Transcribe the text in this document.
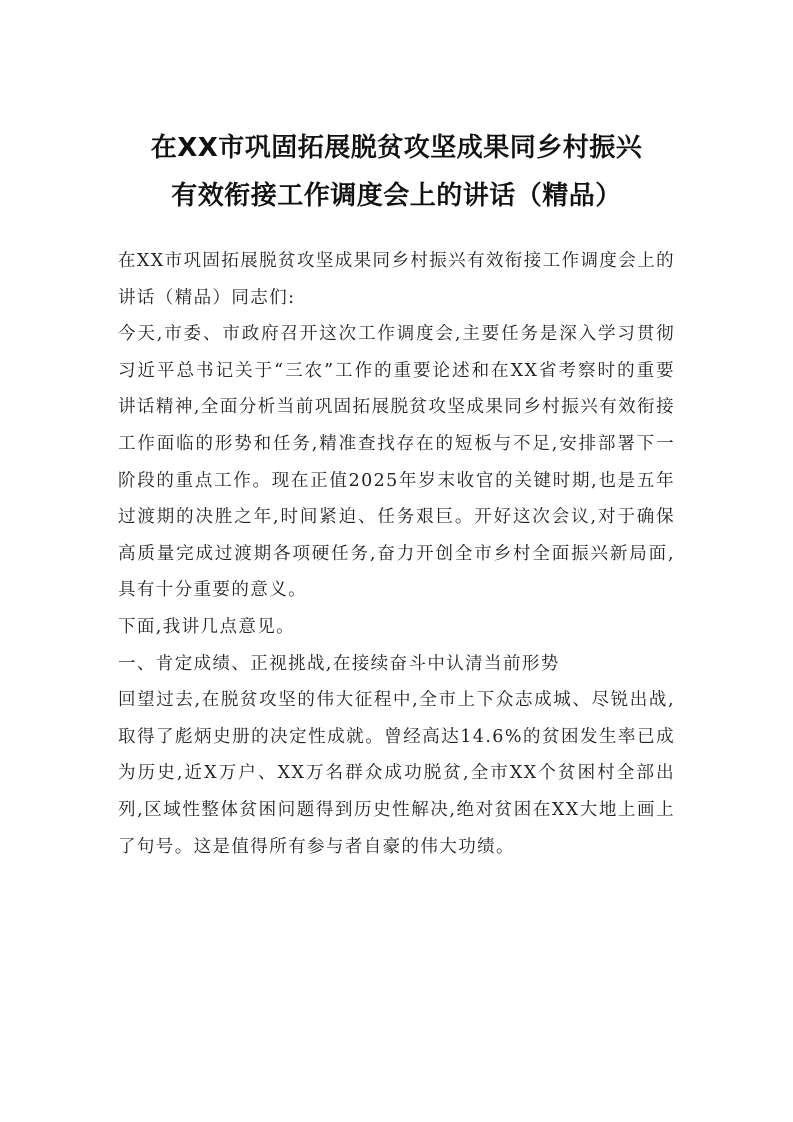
在XX市巩固拓展脱贫攻坚成果同乡村振兴
有效衔接工作调度会上的讲话（精品）

在XX市巩固拓展脱贫攻坚成果同乡村振兴有效衔接工作调度会上的讲话（精品）同志们:

今天,市委、市政府召开这次工作调度会,主要任务是深入学习贯彻习近平总书记关于“三农”工作的重要论述和在XX省考察时的重要讲话精神,全面分析当前巩固拓展脱贫攻坚成果同乡村振兴有效衔接工作面临的形势和任务,精准查找存在的短板与不足,安排部署下一阶段的重点工作。现在正值2025年岁末收官的关键时期,也是五年过渡期的决胜之年,时间紧迫、任务艰巨。开好这次会议,对于确保高质量完成过渡期各项硬任务,奋力开创全市乡村全面振兴新局面,具有十分重要的意义。

下面,我讲几点意见。

一、肯定成绩、正视挑战,在接续奋斗中认清当前形势

回望过去,在脱贫攻坚的伟大征程中,全市上下众志成城、尽锐出战,取得了彪炳史册的决定性成就。曾经高达14.6%的贫困发生率已成为历史,近X万户、XX万名群众成功脱贫,全市XX个贫困村全部出列,区域性整体贫困问题得到历史性解决,绝对贫困在XX大地上画上了句号。这是值得所有参与者自豪的伟大功绩。
